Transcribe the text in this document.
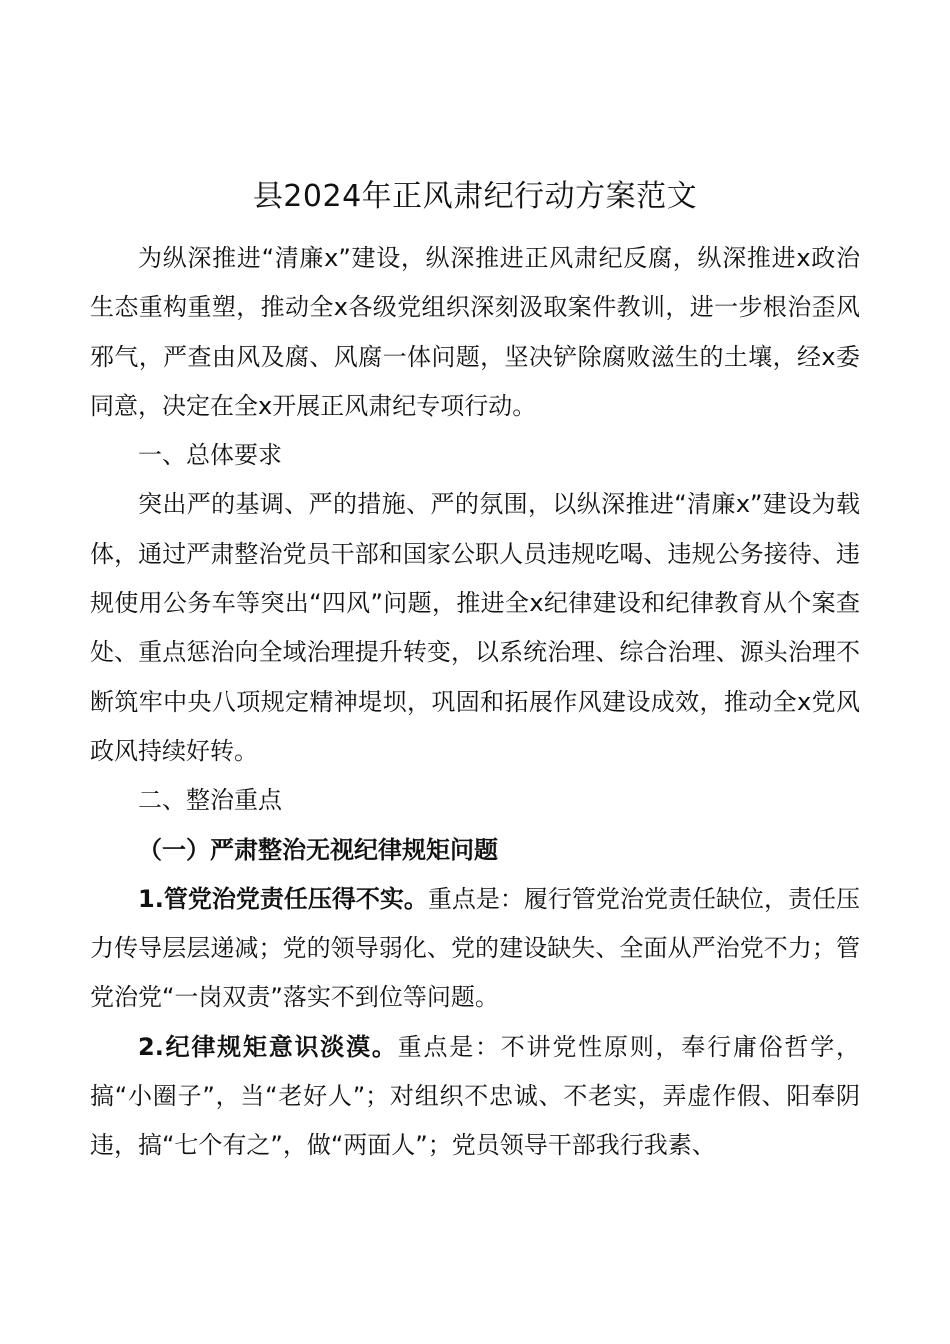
县2024年正风肃纪行动方案范文

为纵深推进“清廉x”建设，纵深推进正风肃纪反腐，纵深推进x政治生态重构重塑，推动全x各级党组织深刻汲取案件教训，进一步根治歪风邪气，严查由风及腐、风腐一体问题，坚决铲除腐败滋生的土壤，经x委同意，决定在全x开展正风肃纪专项行动。

一、总体要求

突出严的基调、严的措施、严的氛围，以纵深推进“清廉x”建设为载体，通过严肃整治党员干部和国家公职人员违规吃喝、违规公务接待、违规使用公务车等突出“四风”问题，推进全x纪律建设和纪律教育从个案查处、重点惩治向全域治理提升转变，以系统治理、综合治理、源头治理不断筑牢中央八项规定精神堤坝，巩固和拓展作风建设成效，推动全x党风政风持续好转。

二、整治重点

（一）严肃整治无视纪律规矩问题

1.管党治党责任压得不实。重点是：履行管党治党责任缺位，责任压力传导层层递减；党的领导弱化、党的建设缺失、全面从严治党不力；管党治党“一岗双责”落实不到位等问题。

2.纪律规矩意识淡漠。重点是：不讲党性原则，奉行庸俗哲学，搞“小圈子”，当“老好人”；对组织不忠诚、不老实，弄虚作假、阳奉阴违，搞“七个有之”，做“两面人”；党员领导干部我行我素、
